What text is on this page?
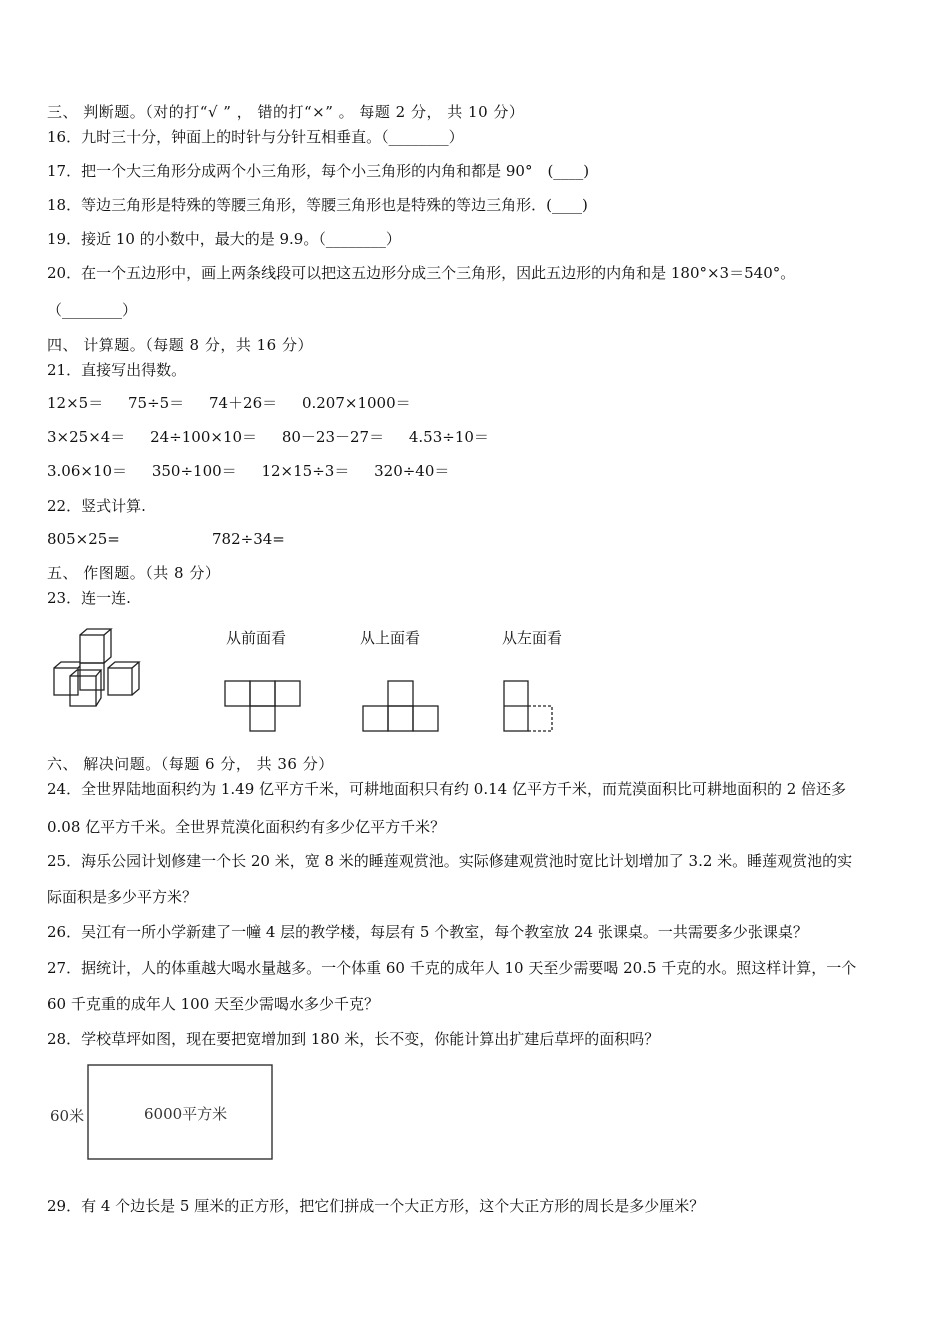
三、 判断题。（对的打“√ ” ， 错的打“×” 。 每题 2 分， 共 10 分）
16．九时三十分，钟面上的时针与分针互相垂直。（________）
17．把一个大三角形分成两个小三角形，每个小三角形的内角和都是 90°　(____)
18．等边三角形是特殊的等腰三角形，等腰三角形也是特殊的等边三角形．(____)
19．接近 10 的小数中，最大的是 9.9。（________）
20．在一个五边形中，画上两条线段可以把这五边形分成三个三角形，因此五边形的内角和是 180°×3＝540°。
（________）
四、 计算题。（每题 8 分，共 16 分）
21．直接写出得数。
12×5＝ 75÷5＝ 74＋26＝ 0.207×1000＝
3×25×4＝ 24÷100×10＝ 80－23－27＝ 4.53÷10＝
3.06×10＝ 350÷100＝ 12×15÷3＝ 320÷40＝
22．竖式计算.
805×25=	782÷34=
五、 作图题。（共 8 分）
23．连一连.
从前面看	从上面看	从左面看
六、 解决问题。（每题 6 分， 共 36 分）
24．全世界陆地面积约为 1.49 亿平方千米，可耕地面积只有约 0.14 亿平方千米，而荒漠面积比可耕地面积的 2 倍还多
0.08 亿平方千米。全世界荒漠化面积约有多少亿平方千米？
25．海乐公园计划修建一个长 20 米，宽 8 米的睡莲观赏池。实际修建观赏池时宽比计划增加了 3.2 米。睡莲观赏池的实
际面积是多少平方米？
26．吴江有一所小学新建了一幢 4 层的教学楼，每层有 5 个教室，每个教室放 24 张课桌。一共需要多少张课桌？
27．据统计，人的体重越大喝水量越多。一个体重 60 千克的成年人 10 天至少需要喝 20.5 千克的水。照这样计算，一个
60 千克重的成年人 100 天至少需喝水多少千克？
28．学校草坪如图，现在要把宽增加到 180 米，长不变，你能计算出扩建后草坪的面积吗？
60米	6000平方米
29．有 4 个边长是 5 厘米的正方形，把它们拼成一个大正方形，这个大正方形的周长是多少厘米？
